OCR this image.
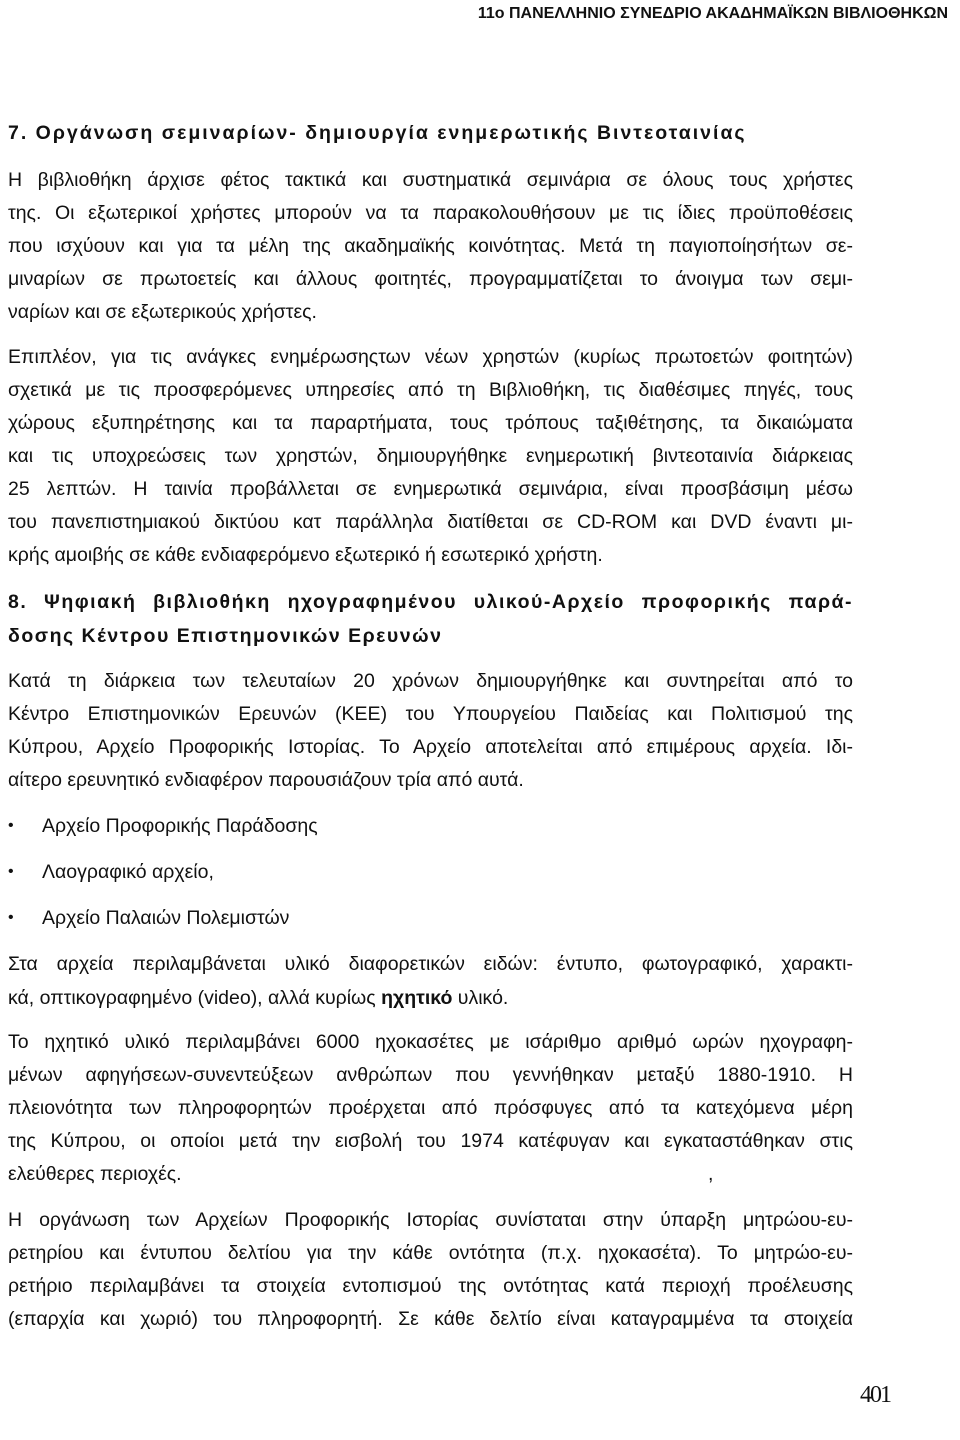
11ο ΠΑΝΕΛΛΗΝΙΟ ΣΥΝΕΔΡΙΟ ΑΚΑΔΗΜΑΪΚΩΝ ΒΙΒΛΙΟΘΗΚΩΝ
7. Οργάνωση σεμιναρίων- δημιουργία ενημερωτικής Βιντεοταινίας
Η βιβλιοθήκη άρχισε φέτος τακτικά και συστηματικά σεμινάρια σε όλους τους χρήστες
της. Οι εξωτερικοί χρήστες μπορούν να τα παρακολουθήσουν με τις ίδιες προϋποθέσεις
που ισχύουν και για τα μέλη της ακαδημαϊκής κοινότητας. Μετά τη παγιοποίησήτων σε-
μιναρίων σε πρωτοετείς και άλλους φοιτητές, προγραμματίζεται το άνοιγμα των σεμι-
ναρίων και σε εξωτερικούς χρήστες.
Επιπλέον, για τις ανάγκες ενημέρωσηςτων νέων χρηστών (κυρίως πρωτοετών φοιτητών)
σχετικά με τις προσφερόμενες υπηρεσίες από τη Βιβλιοθήκη, τις διαθέσιμες πηγές, τους
χώρους εξυπηρέτησης και τα παραρτήματα, τους τρόπους ταξιθέτησης, τα δικαιώματα
και τις υποχρεώσεις των χρηστών, δημιουργήθηκε ενημερωτική βιντεοταινία διάρκειας
25 λεπτών. Η ταινία προβάλλεται σε ενημερωτικά σεμινάρια, είναι προσβάσιμη μέσω
του πανεπιστημιακού δικτύου κατ παράλληλα διατίθεται σε CD-ROM και DVD έναντι μι-
κρής αμοιβής σε κάθε ενδιαφερόμενο εξωτερικό ή εσωτερικό χρήστη.
8. Ψηφιακή βιβλιοθήκη ηχογραφημένου υλικού-Αρχείο προφορικής παρά-
δοσης Κέντρου Επιστημονικών Ερευνών
Κατά τη διάρκεια των τελευταίων 20 χρόνων δημιουργήθηκε και συντηρείται από το
Κέντρο Επιστημονικών Ερευνών (ΚΕΕ) του Υπουργείου Παιδείας και Πολιτισμού της
Κύπρου, Αρχείο Προφορικής Ιστορίας. Το Αρχείο αποτελείται από επιμέρους αρχεία. Ιδι-
αίτερο ερευνητικό ενδιαφέρον παρουσιάζουν τρία από αυτά.
• Αρχείο Προφορικής Παράδοσης
• Λαογραφικό αρχείο,
• Αρχείο Παλαιών Πολεμιστών
Στα αρχεία περιλαμβάνεται υλικό διαφορετικών ειδών: έντυπο, φωτογραφικό, χαρακτι-
κά, οπτικογραφημένο (video), αλλά κυρίως ηχητικό υλικό.
Το ηχητικό υλικό περιλαμβάνει 6000 ηχοκασέτες με ισάριθμο αριθμό ωρών ηχογραφη-
μένων αφηγήσεων-συνεντεύξεων ανθρώπων που γεννήθηκαν μεταξύ 1880-1910. Η
πλειονότητα των πληροφορητών προέρχεται από πρόσφυγες από τα κατεχόμενα μέρη
της Κύπρου, οι οποίοι μετά την εισβολή του 1974 κατέφυγαν και εγκαταστάθηκαν στις
ελεύθερες περιοχές.	,
Η οργάνωση των Αρχείων Προφορικής Ιστορίας συνίσταται στην ύπαρξη μητρώου-ευ-
ρετηρίου και έντυπου δελτίου για την κάθε οντότητα (π.χ. ηχοκασέτα). Το μητρώο-ευ-
ρετήριο περιλαμβάνει τα στοιχεία εντοπισμού της οντότητας κατά περιοχή προέλευσης
(επαρχία και χωριό) του πληροφορητή. Σε κάθε δελτίο είναι καταγραμμένα τα στοιχεία
401
